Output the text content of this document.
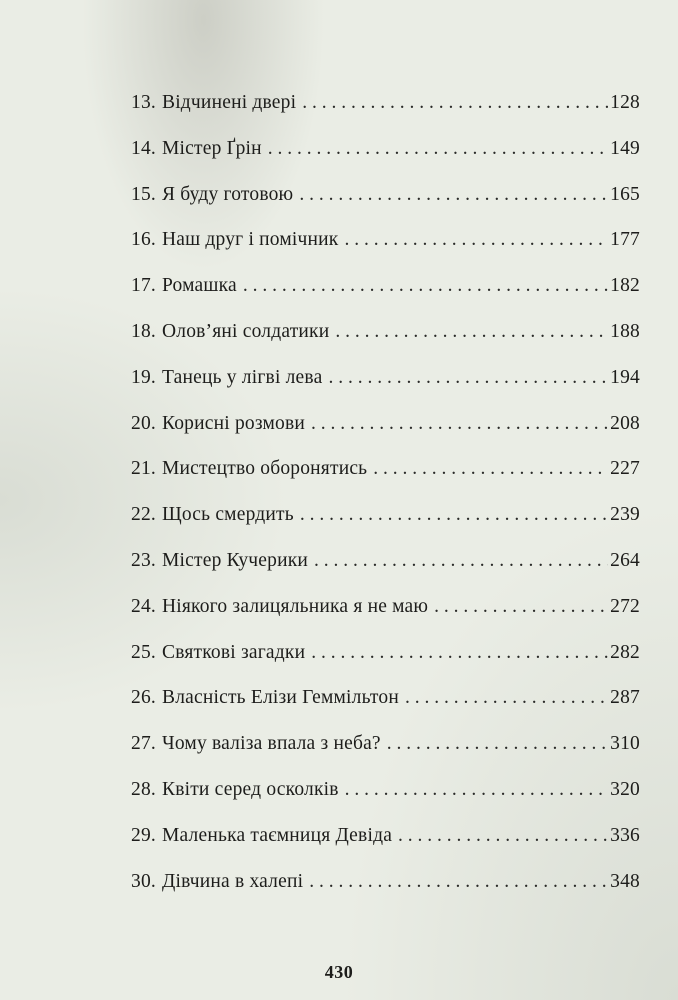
13. Відчинені двері . . .	128
14. Містер Ґрін . . .	149
15. Я буду готовою . . .	165
16. Наш друг і помічник . . .	177
17. Ромашка . . .	182
18. Олов’яні солдатики . . .	188
19. Танець у лігві лева . . .	194
20. Корисні розмови . . .	208
21. Мистецтво оборонятись . . .	227
22. Щось смердить . . .	239
23. Містер Кучерики . . .	264
24. Ніякого залицяльника я не маю . . .	272
25. Святкові загадки . . .	282
26. Власність Елізи Геммільтон . . .	287
27. Чому валіза впала з неба? . . .	310
28. Квіти серед осколків . . .	320
29. Маленька таємниця Девіда . . .	336
30. Дівчина в халепі . . .	348
430
